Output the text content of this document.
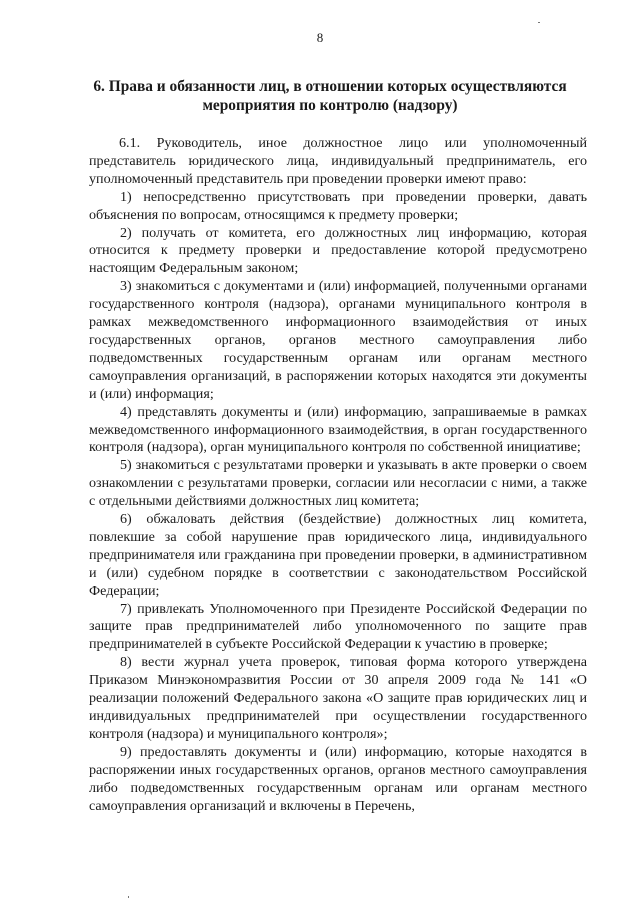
8
6. Права и обязанности лиц, в отношении которых осуществляются
мероприятия по контролю (надзору)

6.1. Руководитель, иное должностное лицо или уполномоченный представитель юридического лица, индивидуальный предприниматель, его уполномоченный представитель при проведении проверки имеют право:

1) непосредственно присутствовать при проведении проверки, давать объяснения по вопросам, относящимся к предмету проверки;

2) получать от комитета, его должностных лиц информацию, которая относится к предмету проверки и предоставление которой предусмотрено настоящим Федеральным законом;

3) знакомиться с документами и (или) информацией, полученными органами государственного контроля (надзора), органами муниципального контроля в рамках межведомственного информационного взаимодействия от иных государственных органов, органов местного самоуправления либо подведомственных государственным органам или органам местного самоуправления организаций, в распоряжении которых находятся эти документы и (или) информация;

4) представлять документы и (или) информацию, запрашиваемые в рамках межведомственного информационного взаимодействия, в орган государственного контроля (надзора), орган муниципального контроля по собственной инициативе;

5) знакомиться с результатами проверки и указывать в акте проверки о своем ознакомлении с результатами проверки, согласии или несогласии с ними, а также с отдельными действиями должностных лиц комитета;

6) обжаловать действия (бездействие) должностных лиц комитета, повлекшие за собой нарушение прав юридического лица, индивидуального предпринимателя или гражданина при проведении проверки, в административном и (или) судебном порядке в соответствии с законодательством Российской Федерации;

7) привлекать Уполномоченного при Президенте Российской Федерации по защите прав предпринимателей либо уполномоченного по защите прав предпринимателей в субъекте Российской Федерации к участию в проверке;

8) вести журнал учета проверок, типовая форма которого утверждена Приказом Минэкономразвития России от 30 апреля 2009 года № 141 «О реализации положений Федерального закона «О защите прав юридических лиц и индивидуальных предпринимателей при осуществлении государственного контроля (надзора) и муниципального контроля»;

9) предоставлять документы и (или) информацию, которые находятся в распоряжении иных государственных органов, органов местного самоуправления либо подведомственных государственным органам или органам местного самоуправления организаций и включены в Перечень,
